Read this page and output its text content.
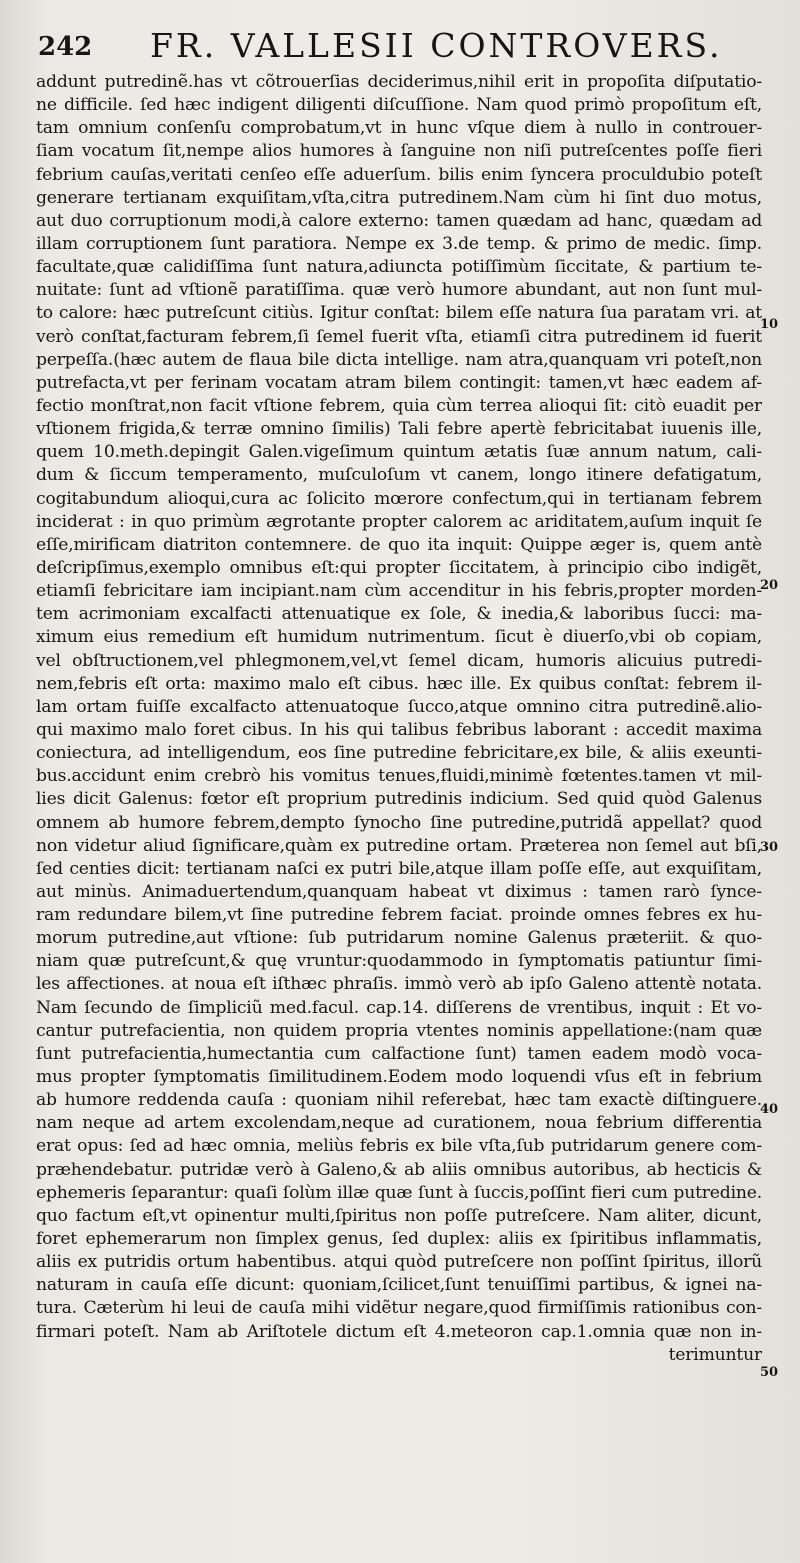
242 FR. VALLESII CONTROVERS.
addunt putredinẽ.has vt cõtrouerſias deciderimus,nihil erit in propoſita diſputatio-
ne difficile. ſed hæc indigent diligenti diſcuſſione. Nam quod primò propoſitum eſt,
tam omnium conſenſu comprobatum,vt in hunc vſque diem à nullo in controuer-
ſiam vocatum ſit,nempe alios humores à ſanguine non niſi putreſcentes poſſe fieri
febrium cauſas,veritati cenſeo eſſe aduerſum. bilis enim ſyncera proculdubio poteſt
generare tertianam exquiſitam,vſta,citra putredinem.Nam cùm hi ſint duo motus,
aut duo corruptionum modi,à calore externo: tamen quædam ad hanc, quædam ad
illam corruptionem ſunt paratiora. Nempe ex 3.de temp. & primo de medic. ſimp.
facultate,quæ calidiſſima ſunt natura,adiuncta potiſſimùm ſiccitate, & partium te-
nuitate: ſunt ad vſtionẽ paratiſſima. quæ verò humore abundant, aut non ſunt mul-
to calore: hæc putreſcunt citiùs. Igitur conſtat: bilem eſſe natura ſua paratam vri. at
verò conſtat,facturam febrem,ſi ſemel fuerit vſta, etiamſi citra putredinem id fuerit
perpeſſa.(hæc autem de flaua bile dicta intellige. nam atra,quanquam vri poteſt,non
putrefacta,vt per ferinam vocatam atram bilem contingit: tamen,vt hæc eadem af-
fectio monſtrat,non facit vſtione febrem, quia cùm terrea alioqui ſit: citò euadit per
vſtionem frigida,& terræ omnino ſimilis) Tali febre apertè febricitabat iuuenis ille,
quem 10.meth.depingit Galen.vigeſimum quintum ætatis ſuæ annum natum, cali-
dum & ſiccum temperamento, muſculoſum vt canem, longo itinere defatigatum,
cogitabundum alioqui,cura ac ſolicito mœrore confectum,qui in tertianam febrem
inciderat : in quo primùm ægrotante propter calorem ac ariditatem,auſum inquit ſe
eſſe,mirificam diatriton contemnere. de quo ita inquit: Quippe æger is, quem antè
deſcripſimus,exemplo omnibus eſt:qui propter ſiccitatem, à principio cibo indigẽt,
etiamſi febricitare iam incipiant.nam cùm accenditur in his febris,propter morden-
tem acrimoniam excalfacti attenuatique ex ſole, & inedia,& laboribus ſucci: ma-
ximum eius remedium eſt humidum nutrimentum. ſicut è diuerſo,vbi ob copiam,
vel obſtructionem,vel phlegmonem,vel,vt ſemel dicam, humoris alicuius putredi-
nem,febris eſt orta: maximo malo eſt cibus. hæc ille. Ex quibus conſtat: febrem il-
lam ortam fuiſſe excalfacto attenuatoque ſucco,atque omnino citra putredinẽ.alio-
qui maximo malo foret cibus. In his qui talibus febribus laborant : accedit maxima
coniectura, ad intelligendum, eos ſine putredine febricitare,ex bile, & aliis exeunti-
bus.accidunt enim crebrò his vomitus tenues,fluidi,minimè fœtentes.tamen vt mil-
lies dicit Galenus: fœtor eſt proprium putredinis indicium. Sed quid quòd Galenus
omnem ab humore febrem,dempto ſynocho ſine putredine,putridã appellat? quod
non videtur aliud ſignificare,quàm ex putredine ortam. Præterea non ſemel aut bſi,
ſed centies dicit: tertianam naſci ex putri bile,atque illam poſſe eſſe, aut exquiſitam,
aut minùs. Animaduertendum,quanquam habeat vt diximus : tamen rarò ſynce-
ram redundare bilem,vt ſine putredine febrem faciat. proinde omnes febres ex hu-
morum putredine,aut vſtione: ſub putridarum nomine Galenus præteriit. & quo-
niam quæ putreſcunt,& quę vruntur:quodammodo in ſymptomatis patiuntur ſimi-
les affectiones. at noua eſt iſthæc phraſis. immò verò ab ipſo Galeno attentè notata.
Nam ſecundo de ſimpliciũ med.facul. cap.14. diſſerens de vrentibus, inquit : Et vo-
cantur putrefacientia, non quidem propria vtentes nominis appellatione:(nam quæ
ſunt putrefacientia,humectantia cum calfactione ſunt) tamen eadem modò voca-
mus propter ſymptomatis ſimilitudinem.Eodem modo loquendi vſus eſt in febrium
ab humore reddenda cauſa : quoniam nihil referebat, hæc tam exactè diſtinguere.
nam neque ad artem excolendam,neque ad curationem, noua febrium differentia
erat opus: ſed ad hæc omnia, meliùs febris ex bile vſta,ſub putridarum genere com-
præhendebatur. putridæ verò à Galeno,& ab aliis omnibus autoribus, ab hecticis &
ephemeris ſeparantur: quaſi ſolùm illæ quæ ſunt à ſuccis,poſſint fieri cum putredine.
quo factum eſt,vt opinentur multi,ſpiritus non poſſe putreſcere. Nam aliter, dicunt,
foret ephemerarum non ſimplex genus, ſed duplex: aliis ex ſpiritibus inflammatis,
aliis ex putridis ortum habentibus. atqui quòd putreſcere non poſſint ſpiritus, illorũ
naturam in cauſa eſſe dicunt: quoniam,ſcilicet,ſunt tenuiſſimi partibus, & ignei na-
tura. Cæterùm hi leui de cauſa mihi vidẽtur negare,quod firmiſſimis rationibus con-
firmari poteſt. Nam ab Ariſtotele dictum eſt 4.meteoron cap.1.omnia quæ non in-
terimuntur
10
20
30
40
50
